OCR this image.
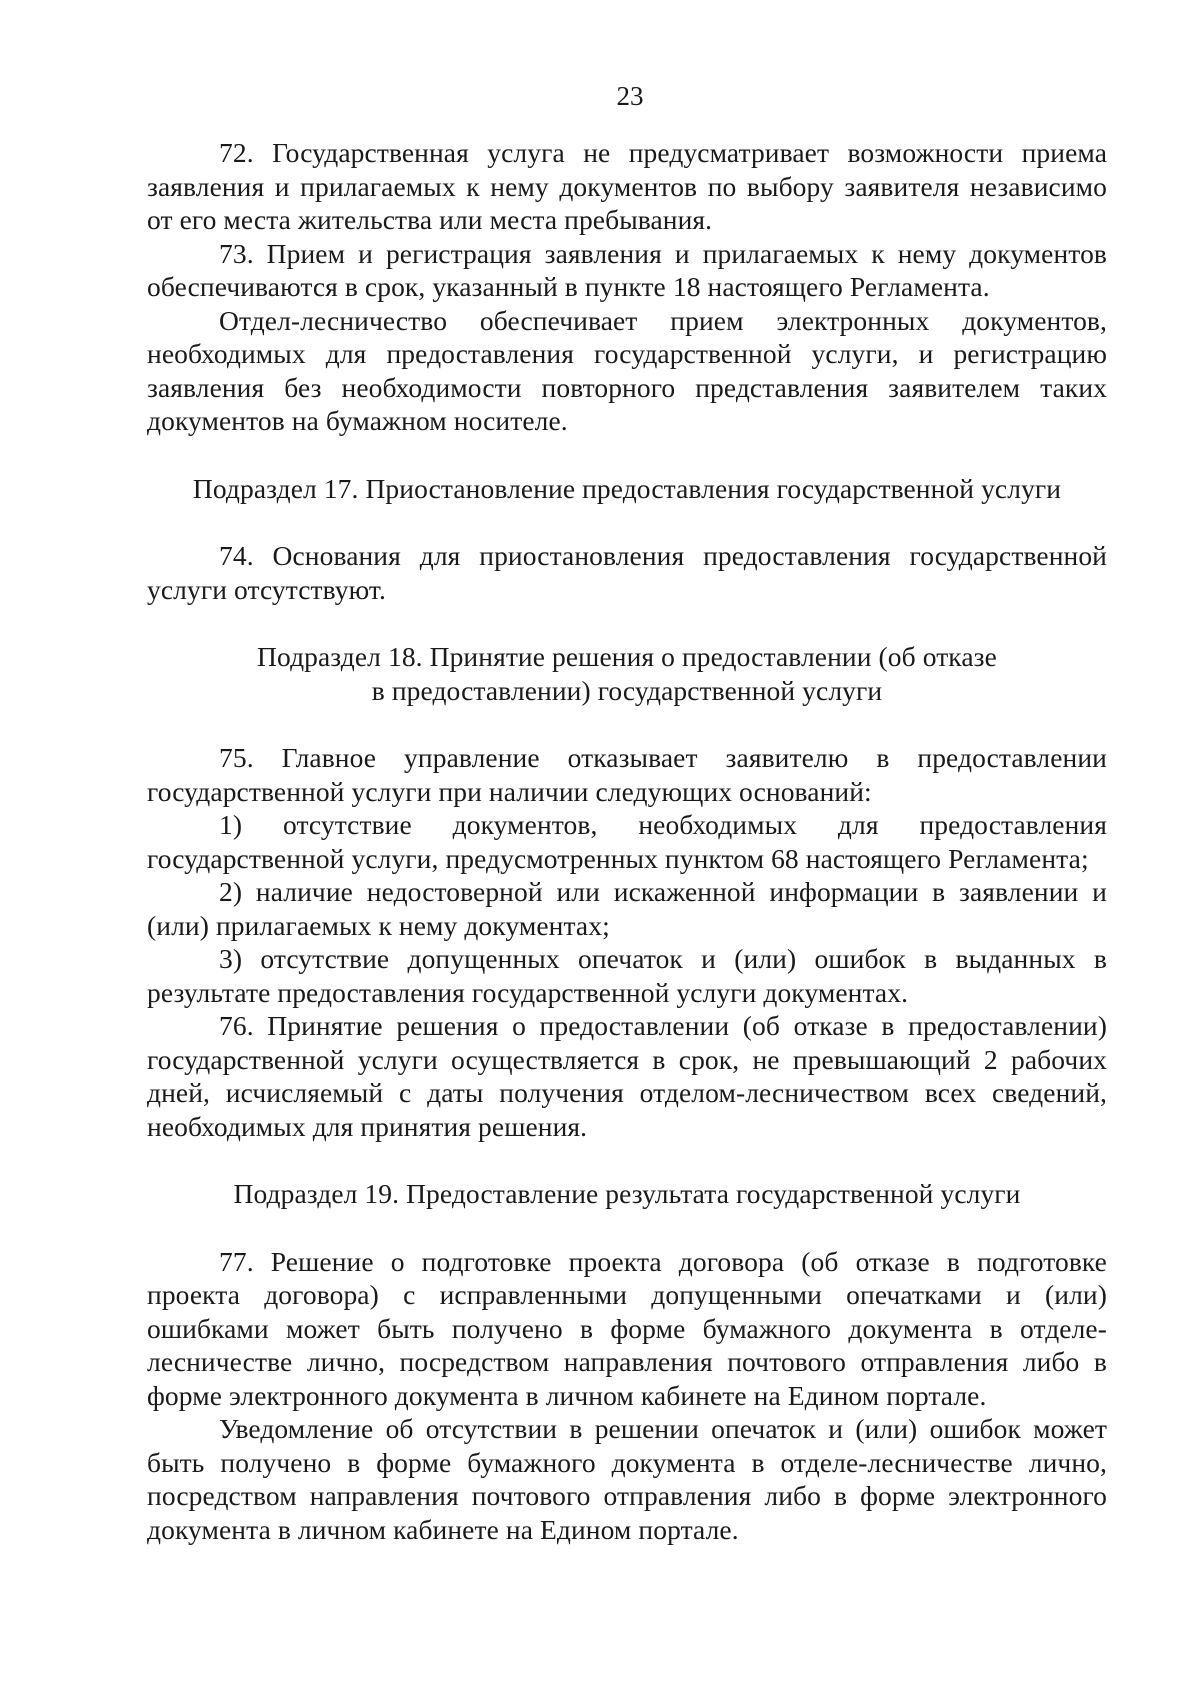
23

72. Государственная услуга не предусматривает возможности приема заявления и прилагаемых к нему документов по выбору заявителя независимо от его места жительства или места пребывания.

73. Прием и регистрация заявления и прилагаемых к нему документов обеспечиваются в срок, указанный в пункте 18 настоящего Регламента.

Отдел-лесничество обеспечивает прием электронных документов, необходимых для предоставления государственной услуги, и регистрацию заявления без необходимости повторного представления заявителем таких документов на бумажном носителе.

Подраздел 17. Приостановление предоставления государственной услуги

74. Основания для приостановления предоставления государственной услуги отсутствуют.

Подраздел 18. Принятие решения о предоставлении (об отказе

в предоставлении) государственной услуги

75. Главное управление отказывает заявителю в предоставлении государственной услуги при наличии следующих оснований:

1) отсутствие документов, необходимых для предоставления государственной услуги, предусмотренных пунктом 68 настоящего Регламента;

2) наличие недостоверной или искаженной информации в заявлении и (или) прилагаемых к нему документах;

3) отсутствие допущенных опечаток и (или) ошибок в выданных в результате предоставления государственной услуги документах.

76. Принятие решения о предоставлении (об отказе в предоставлении) государственной услуги осуществляется в срок, не превышающий 2 рабочих дней, исчисляемый с даты получения отделом-лесничеством всех сведений, необходимых для принятия решения.

Подраздел 19. Предоставление результата государственной услуги

77. Решение о подготовке проекта договора (об отказе в подготовке проекта договора) с исправленными допущенными опечатками и (или) ошибками может быть получено в форме бумажного документа в отделе-лесничестве лично, посредством направления почтового отправления либо в форме электронного документа в личном кабинете на Едином портале.

Уведомление об отсутствии в решении опечаток и (или) ошибок может быть получено в форме бумажного документа в отделе-лесничестве лично, посредством направления почтового отправления либо в форме электронного документа в личном кабинете на Едином портале.
